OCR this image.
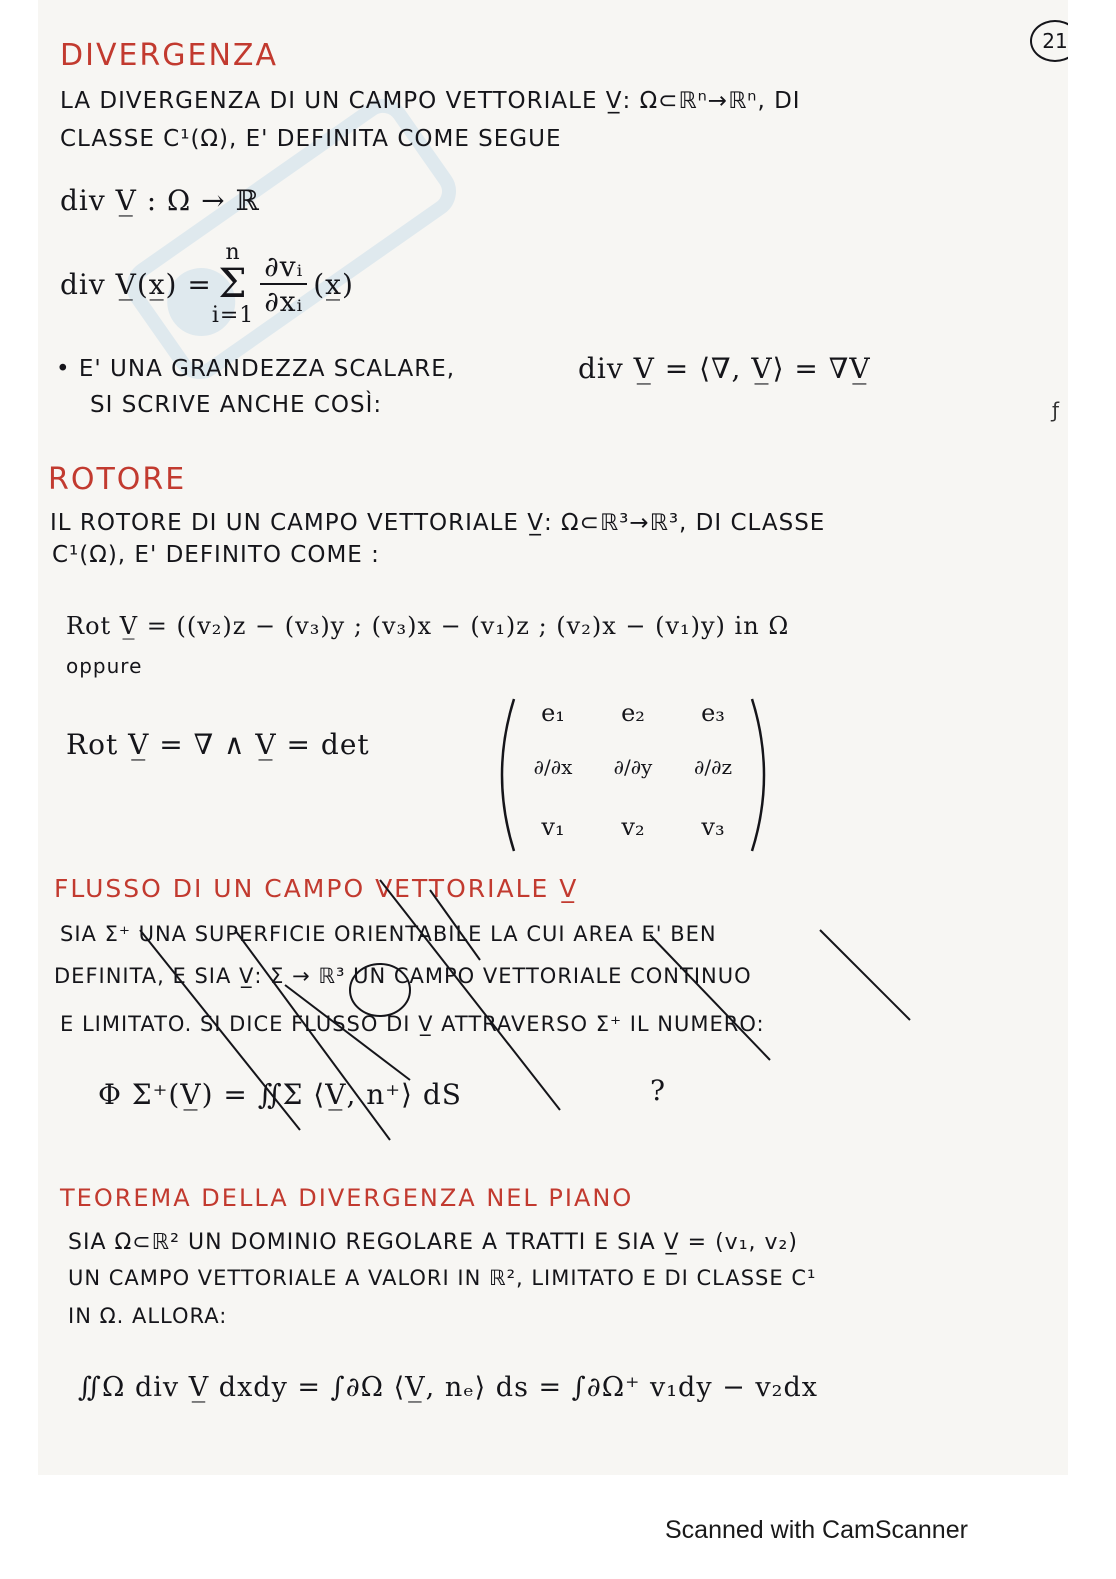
21
DIVERGENZA
LA DIVERGENZA DI UN CAMPO VETTORIALE V̲: Ω⊂ℝⁿ→ℝⁿ, DI
CLASSE C¹(Ω), E' DEFINITA COME SEGUE
div V̲ : Ω → ℝ
div V̲(x̲) =
n
Σ
$i=1 \frac{\text{∂vᵢ}}{\text{∂xᵢ}}$ (x̲)
• E' UNA GRANDEZZA SCALARE,
SI SCRIVE ANCHE COSÌ:
div V̲ = ⟨∇, V̲⟩ = ∇V̲
ROTORE
IL ROTORE DI UN CAMPO VETTORIALE V̲: Ω⊂ℝ³→ℝ³, DI CLASSE
C¹(Ω), E' DEFINITO COME :
Rot V̲ = ((v₂)z − (v₃)y ; (v₃)x − (v₁)z ; (v₂)x − (v₁)y) in Ω
oppure
Rot V̲ = ∇ ∧ V̲ = det
e₁	e₂	e₃
∂/∂x	∂/∂y	∂/∂z
v₁	v₂	v₃
FLUSSO DI UN CAMPO VETTORIALE V̲
SIA Σ⁺ UNA SUPERFICIE ORIENTABILE LA CUI AREA E' BEN
DEFINITA, E SIA V̲: Σ → ℝ³ UN CAMPO VETTORIALE CONTINUO
E LIMITATO. SI DICE FLUSSO DI V̲ ATTRAVERSO Σ⁺ IL NUMERO:
Φ Σ⁺(V̲) = ∬Σ ⟨V̲, n⁺⟩ dS	?
TEOREMA DELLA DIVERGENZA NEL PIANO
SIA Ω⊂ℝ² UN DOMINIO REGOLARE A TRATTI E SIA V̲ = (v₁, v₂)
UN CAMPO VETTORIALE A VALORI IN ℝ², LIMITATO E DI CLASSE C¹
IN Ω. ALLORA:
∬Ω div V̲ dxdy = ∫∂Ω ⟨V̲, nₑ⟩ ds = ∫∂Ω⁺ v₁dy − v₂dx
ƒ
Scanned with CamScanner
